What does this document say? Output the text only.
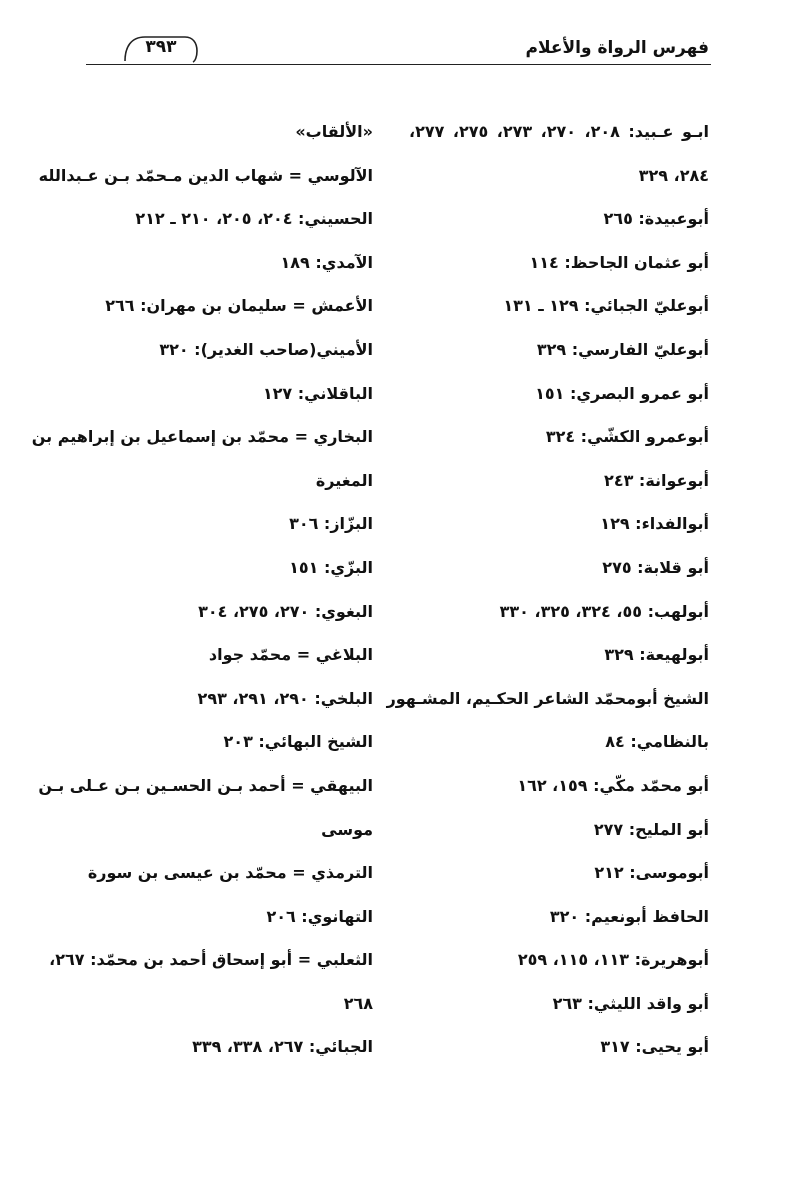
فهرس الرواة والأعلام
٣٩٣
ابـو عـبيد: ٢٠٨، ٢٧٠، ٢٧٣، ٢٧٥، ٢٧٧،
٢٨٤، ٣٢٩
أبوعبيدة: ٢٦٥
أبو عثمان الجاحظ: ١١٤
أبوعليّ الجبائي: ١٢٩ ـ ١٣١
أبوعليّ الفارسي: ٣٢٩
أبو عمرو البصري: ١٥١
أبوعمرو الكشّي: ٣٢٤
أبوعوانة: ٢٤٣
أبوالفداء: ١٢٩
أبو قلابة: ٢٧٥
أبولهب: ٥٥، ٣٢٤، ٣٢٥، ٣٣٠
أبولهيعة: ٣٢٩
الشيخ أبومحمّد الشاعر الحكـيم، المشـهور
بالنظامي: ٨٤
أبو محمّد مكّي: ١٥٩، ١٦٢
أبو المليح: ٢٧٧
أبوموسى: ٢١٢
الحافظ أبونعيم: ٣٢٠
أبوهريرة: ١١٣، ١١٥، ٢٥٩
أبو واقد الليثي: ٢٦٣
أبو يحيى: ٣١٧
«الألقاب»
الآلوسي = شهاب الدين مـحمّد بـن عـبدالله
الحسيني: ٢٠٤، ٢٠٥، ٢١٠ ـ ٢١٢
الآمدي: ١٨٩
الأعمش = سليمان بن مهران: ٢٦٦
الأميني(صاحب الغدير): ٣٢٠
الباقلاني: ١٢٧
البخاري = محمّد بن إسماعيل بن إبراهيم بن
المغيرة
البزّاز: ٣٠٦
البزّي: ١٥١
البغوي: ٢٧٠، ٢٧٥، ٣٠٤
البلاغي = محمّد جواد
البلخي: ٢٩٠، ٢٩١، ٢٩٣
الشيخ البهائي: ٢٠٣
البيهقي = أحمد بـن الحسـين بـن عـلى بـن
موسى
الترمذي = محمّد بن عيسى بن سورة
التهانوي: ٢٠٦
الثعلبي = أبو إسحاق أحمد بن محمّد: ٢٦٧،
٢٦٨
الجبائي: ٢٦٧، ٣٣٨، ٣٣٩
